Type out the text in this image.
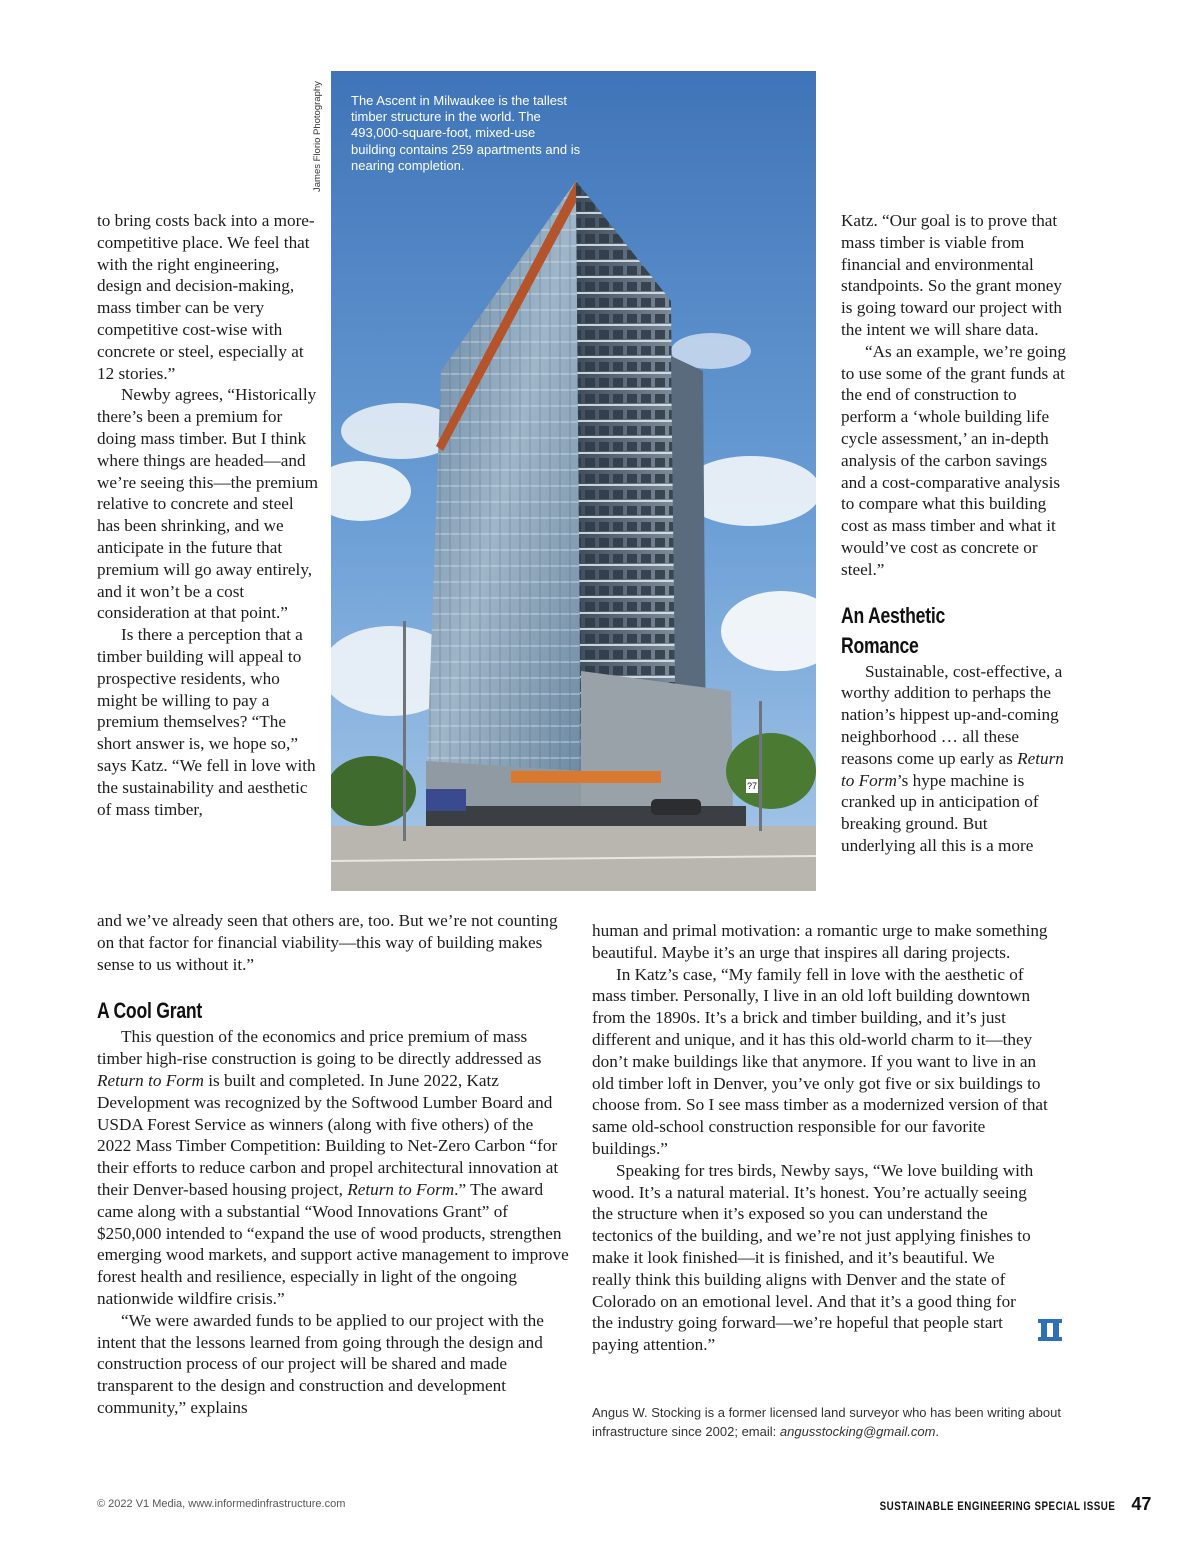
James Florio Photography The Ascent in Milwaukee is the tallest timber structure in the world. The 493,000-square-foot, mixed-use building contains 259 apartments and is nearing completion.
?7

to bring costs back into a more-competitive place. We feel that with the right engineering, design and decision-making, mass timber can be very competitive cost-wise with concrete or steel, especially at 12 stories.”

Newby agrees, “Historically there’s been a premium for doing mass timber. But I think where things are headed—and we’re seeing this—the premium relative to concrete and steel has been shrinking, and we anticipate in the future that premium will go away entirely, and it won’t be a cost consideration at that point.”

Is there a perception that a timber building will appeal to prospective residents, who might be willing to pay a premium themselves? “The short answer is, we hope so,” says Katz. “We fell in love with the sustainability and aesthetic of mass timber,

and we’ve already seen that others are, too. But we’re not counting on that factor for financial viability—this way of building makes sense to us without it.”

A Cool Grant

This question of the economics and price premium of mass timber high-rise construction is going to be directly addressed as Return to Form is built and completed. In June 2022, Katz Development was recognized by the Softwood Lumber Board and USDA Forest Service as winners (along with five others) of the 2022 Mass Timber Competition: Building to Net-Zero Carbon “for their efforts to reduce carbon and propel architectural innovation at their Denver-based housing project, Return to Form.” The award came along with a substantial “Wood Innovations Grant” of $250,000 intended to “expand the use of wood products, strengthen emerging wood markets, and support active management to improve forest health and resilience, especially in light of the ongoing nationwide wildfire crisis.”

“We were awarded funds to be applied to our project with the intent that the lessons learned from going through the design and construction process of our project will be shared and made transparent to the design and construction and development community,” explains

Katz. “Our goal is to prove that mass timber is viable from financial and environmental standpoints. So the grant money is going toward our project with the intent we will share data.

“As an example, we’re going to use some of the grant funds at the end of construction to perform a ‘whole building life cycle assessment,’ an in-depth analysis of the carbon savings and a cost-comparative analysis to compare what this building cost as mass timber and what it would’ve cost as concrete or steel.”

An Aesthetic Romance

Sustainable, cost-effective, a worthy addition to perhaps the nation’s hippest up-and-coming neighborhood … all these reasons come up early as Return to Form’s hype machine is cranked up in anticipation of breaking ground. But underlying all this is a more

human and primal motivation: a romantic urge to make something beautiful. Maybe it’s an urge that inspires all daring projects.

In Katz’s case, “My family fell in love with the aesthetic of mass timber. Personally, I live in an old loft building downtown from the 1890s. It’s a brick and timber building, and it’s just different and unique, and it has this old-world charm to it—they don’t make buildings like that anymore. If you want to live in an old timber loft in Denver, you’ve only got five or six buildings to choose from. So I see mass timber as a modernized version of that same old-school construction responsible for our favorite buildings.”

Speaking for tres birds, Newby says, “We love building with wood. It’s a natural material. It’s honest. You’re actually seeing the structure when it’s exposed so you can understand the tectonics of the building, and we’re not just applying finishes to make it look finished—it is finished, and it’s beautiful. We really think this building aligns with Denver and the state of Colorado on an emotional level. And that it’s a good thing for the industry going forward—we’re hopeful that people start paying attention.”

Angus W. Stocking is a former licensed land surveyor who has been writing about infrastructure since 2002; email: angusstocking@gmail.com.
© 2022 V1 Media, www.informedinfrastructure.com	SUSTAINABLE ENGINEERING SPECIAL ISSUE 47
